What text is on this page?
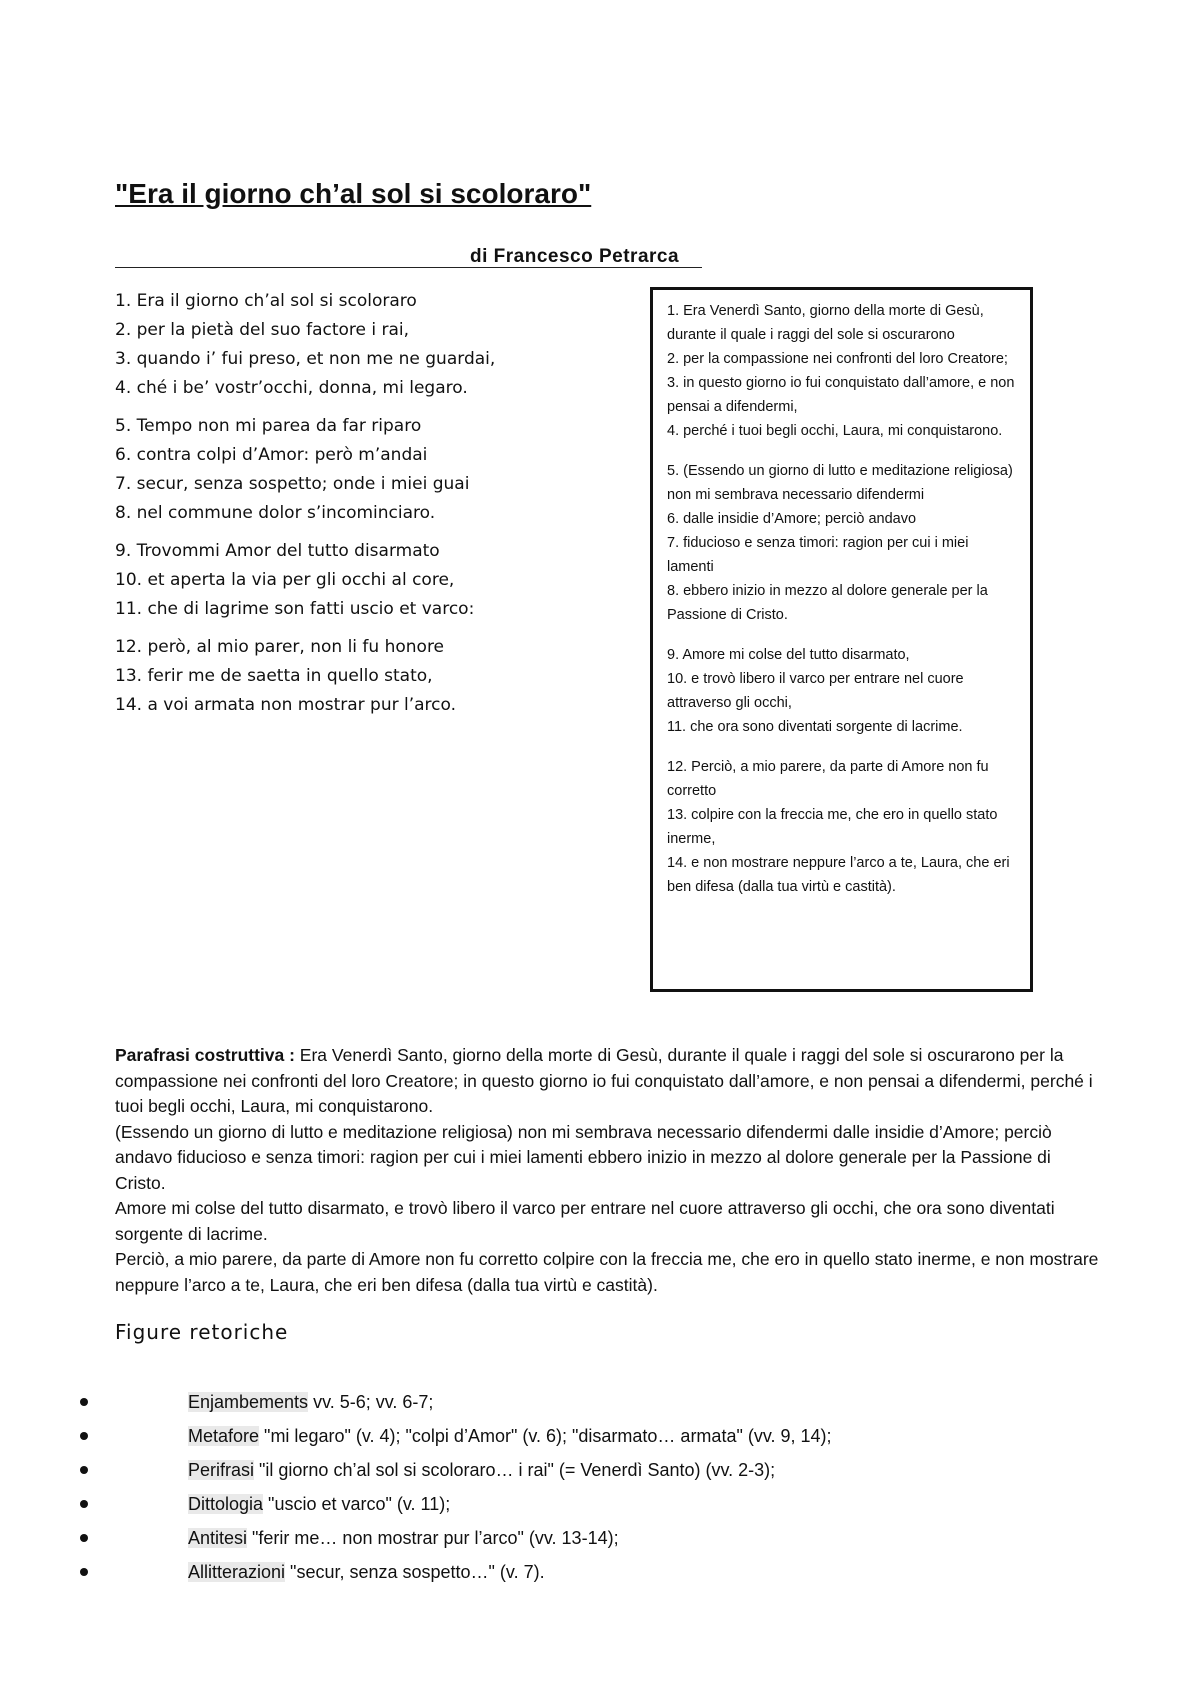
"Era il giorno ch’al sol si scoloraro"
di Francesco Petrarca
1. Era il giorno ch’al sol si scoloraro
2. per la pietà del suo factore i rai,
3. quando i’ fui preso, et non me ne guardai,
4. ché i be’ vostr’occhi, donna, mi legaro.
5. Tempo non mi parea da far riparo
6. contra colpi d’Amor: però m’andai
7. secur, senza sospetto; onde i miei guai
8. nel commune dolor s’incominciaro.
9. Trovommi Amor del tutto disarmato
10. et aperta la via per gli occhi al core,
11. che di lagrime son fatti uscio et varco:
12. però, al mio parer, non li fu honore
13. ferir me de saetta in quello stato,
14. a voi armata non mostrar pur l’arco.
1. Era Venerdì Santo, giorno della morte di Gesù, durante il quale i raggi del sole si oscurarono
2. per la compassione nei confronti del loro Creatore;
3. in questo giorno io fui conquistato dall’amore, e non pensai a difendermi,
4. perché i tuoi begli occhi, Laura, mi conquistarono.
5. (Essendo un giorno di lutto e meditazione religiosa) non mi sembrava necessario difendermi
6. dalle insidie d’Amore; perciò andavo
7. fiducioso e senza timori: ragion per cui i miei lamenti
8. ebbero inizio in mezzo al dolore generale per la Passione di Cristo.
9. Amore mi colse del tutto disarmato,
10. e trovò libero il varco per entrare nel cuore attraverso gli occhi,
11. che ora sono diventati sorgente di lacrime.
12. Perciò, a mio parere, da parte di Amore non fu corretto
13. colpire con la freccia me, che ero in quello stato inerme,
14. e non mostrare neppure l’arco a te, Laura, che eri ben difesa (dalla tua virtù e castità).
Parafrasi costruttiva : Era Venerdì Santo, giorno della morte di Gesù, durante il quale i raggi del sole si oscurarono per la compassione nei confronti del loro Creatore; in questo giorno io fui conquistato dall’amore, e non pensai a difendermi, perché i tuoi begli occhi, Laura, mi conquistarono.
(Essendo un giorno di lutto e meditazione religiosa) non mi sembrava necessario difendermi dalle insidie d’Amore; perciò andavo fiducioso e senza timori: ragion per cui i miei lamenti ebbero inizio in mezzo al dolore generale per la Passione di Cristo.
Amore mi colse del tutto disarmato, e trovò libero il varco per entrare nel cuore attraverso gli occhi, che ora sono diventati sorgente di lacrime.
Perciò, a mio parere, da parte di Amore non fu corretto colpire con la freccia me, che ero in quello stato inerme, e non mostrare neppure l’arco a te, Laura, che eri ben difesa (dalla tua virtù e castità).
Figure retoriche
Enjambements vv. 5-6; vv. 6-7;
Metafore "mi legaro" (v. 4); "colpi d’Amor" (v. 6); "disarmato… armata" (vv. 9, 14);
Perifrasi "il giorno ch’al sol si scoloraro… i rai" (= Venerdì Santo) (vv. 2-3);
Dittologia "uscio et varco" (v. 11);
Antitesi "ferir me… non mostrar pur l’arco" (vv. 13-14);
Allitterazioni "secur, senza sospetto…" (v. 7).
